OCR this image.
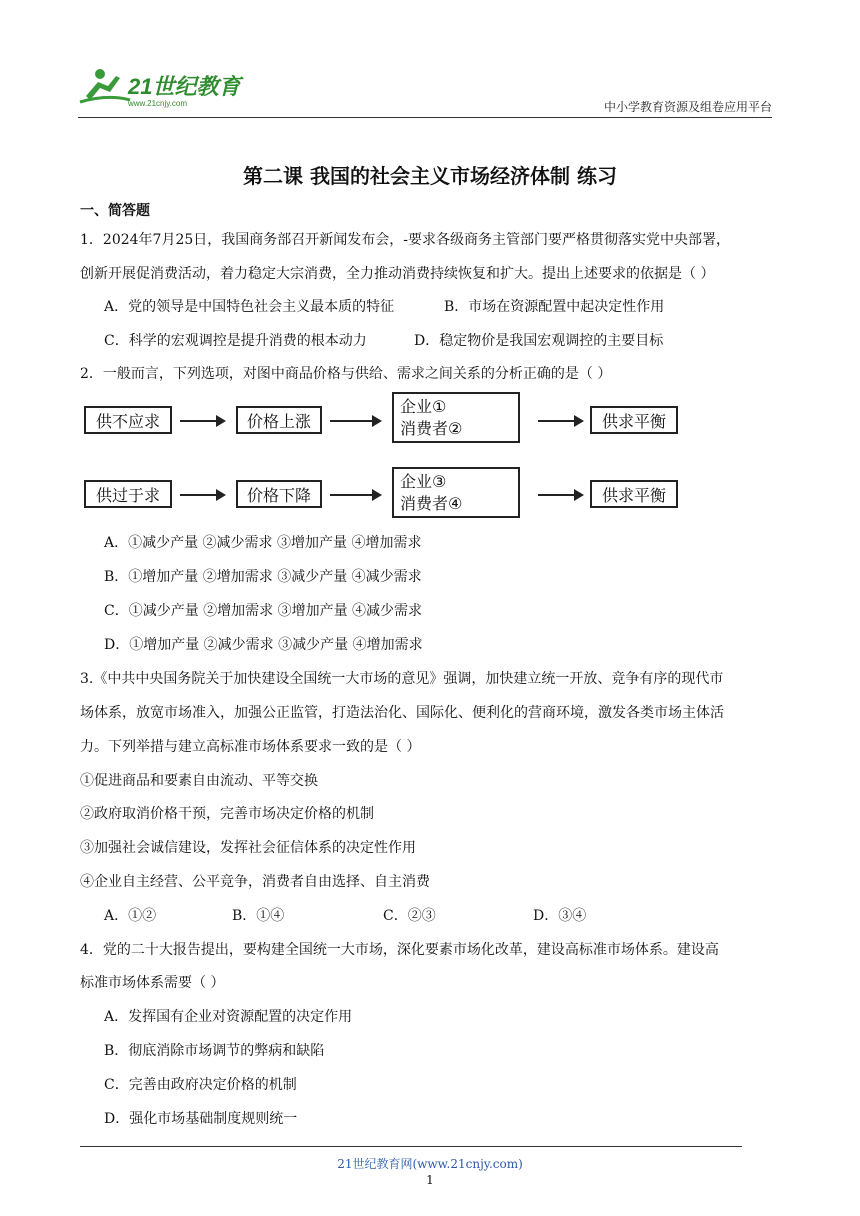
21世纪教育
www.21cnjy.com	中小学教育资源及组卷应用平台
第二课 我国的社会主义市场经济体制 练习
一、简答题
1．2024年7月25日，我国商务部召开新闻发布会，-要求各级商务主管部门要严格贯彻落实党中央部署，
创新开展促消费活动，着力稳定大宗消费，全力推动消费持续恢复和扩大。提出上述要求的依据是（ ）
A．党的领导是中国特色社会主义最本质的特征	B．市场在资源配置中起决定性作用
C．科学的宏观调控是提升消费的根本动力	D．稳定物价是我国宏观调控的主要目标
2．一般而言，下列选项，对图中商品价格与供给、需求之间关系的分析正确的是（ ）
供不应求	价格上涨
企业①
消费者②	供求平衡
供过于求	价格下降
企业③
消费者④	供求平衡
A．①减少产量 ②减少需求 ③增加产量 ④增加需求
B．①增加产量 ②增加需求 ③减少产量 ④减少需求
C．①减少产量 ②增加需求 ③增加产量 ④减少需求
D．①增加产量 ②减少需求 ③减少产量 ④增加需求
3.《中共中央国务院关于加快建设全国统一大市场的意见》强调，加快建立统一开放、竞争有序的现代市
场体系，放宽市场准入，加强公正监管，打造法治化、国际化、便利化的营商环境，激发各类市场主体活
力。下列举措与建立高标准市场体系要求一致的是（ ）
①促进商品和要素自由流动、平等交换
②政府取消价格干预，完善市场决定价格的机制
③加强社会诚信建设，发挥社会征信体系的决定性作用
④企业自主经营、公平竞争，消费者自由选择、自主消费
A．①②	B．①④	C．②③	D．③④
4．党的二十大报告提出，要构建全国统一大市场，深化要素市场化改革，建设高标准市场体系。建设高
标准市场体系需要（ ）
A．发挥国有企业对资源配置的决定作用
B．彻底消除市场调节的弊病和缺陷
C．完善由政府决定价格的机制
D．强化市场基础制度规则统一
21世纪教育网(www.21cnjy.com)
1
